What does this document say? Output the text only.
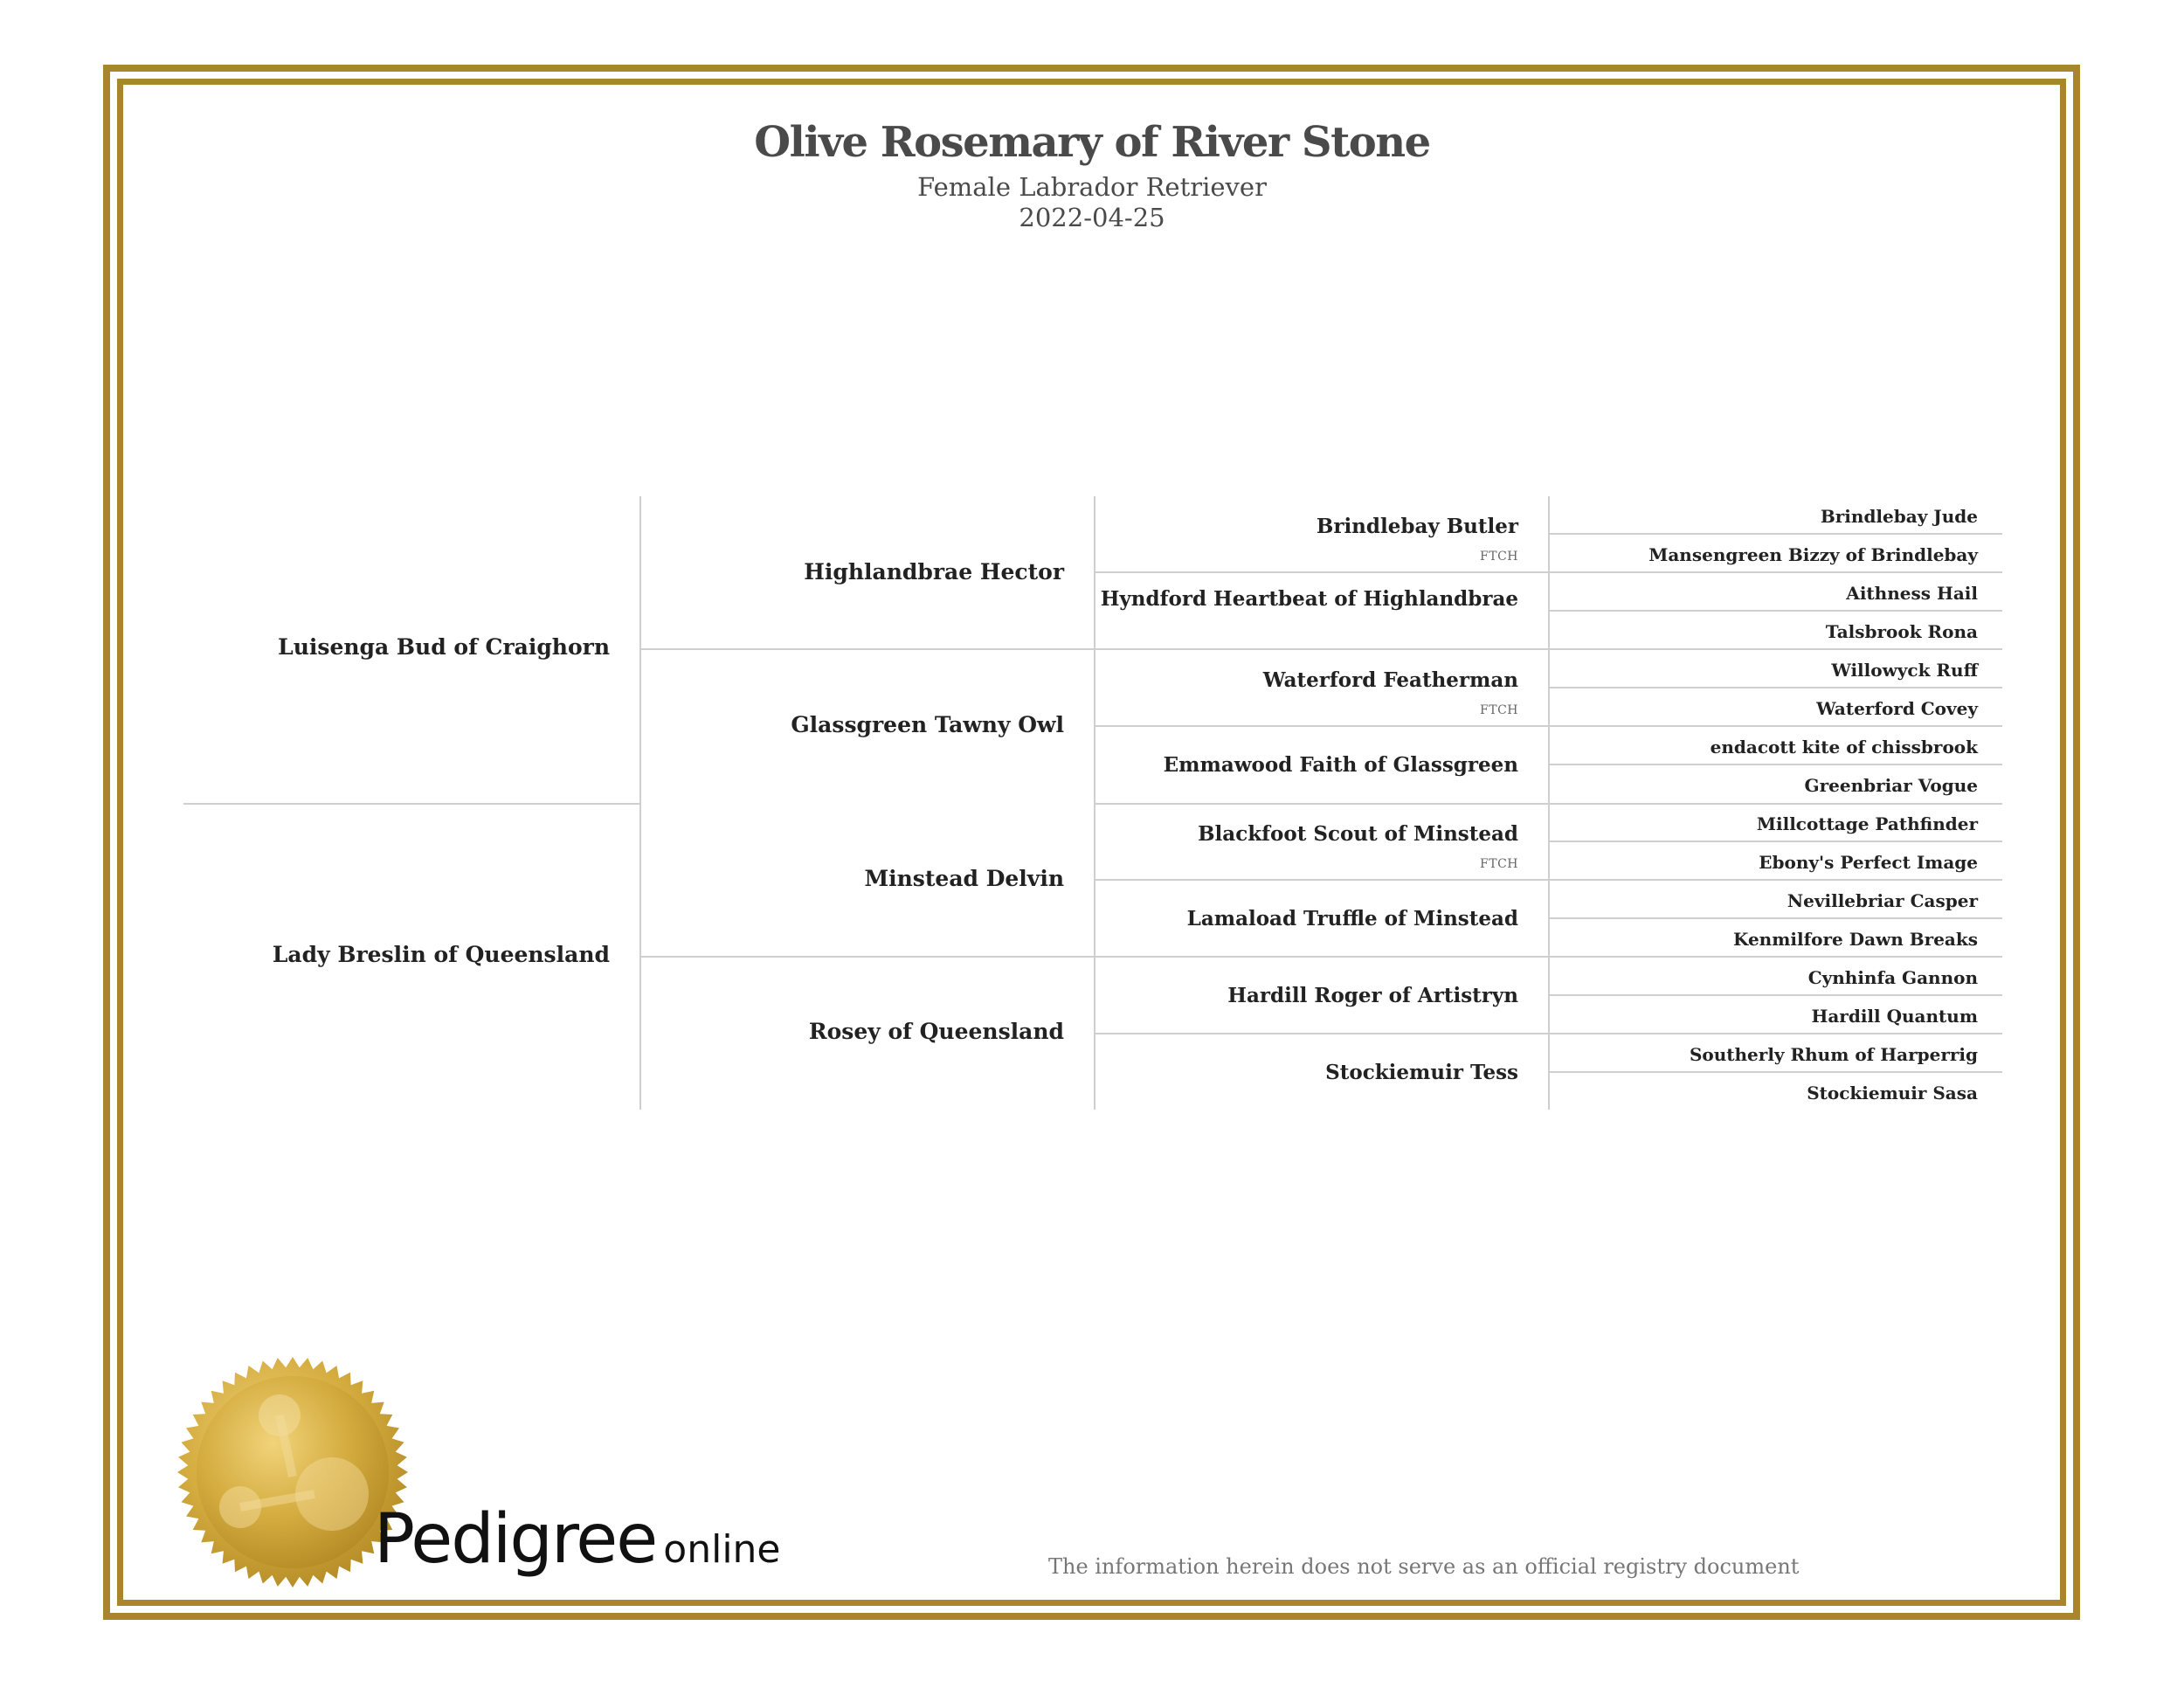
Olive Rosemary of River Stone
Female Labrador Retriever
2022-04-25
Luisenga Bud of Craighorn
Lady Breslin of Queensland
Highlandbrae Hector
Glassgreen Tawny Owl
Minstead Delvin
Rosey of Queensland
Brindlebay Butler
FTCH
Hyndford Heartbeat of Highlandbrae
Waterford Featherman
FTCH
Emmawood Faith of Glassgreen
Blackfoot Scout of Minstead
FTCH
Lamaload Truffle of Minstead
Hardill Roger of Artistryn
Stockiemuir Tess
Brindlebay Jude
Mansengreen Bizzy of Brindlebay
Aithness Hail
Talsbrook Rona
Willowyck Ruff
Waterford Covey
endacott kite of chissbrook
Greenbriar Vogue
Millcottage Pathfinder
Ebony's Perfect Image
Nevillebriar Casper
Kenmilfore Dawn Breaks
Cynhinfa Gannon
Hardill Quantum
Southerly Rhum of Harperrig
Stockiemuir Sasa
Pedigree online	The information herein does not serve as an official registry document
